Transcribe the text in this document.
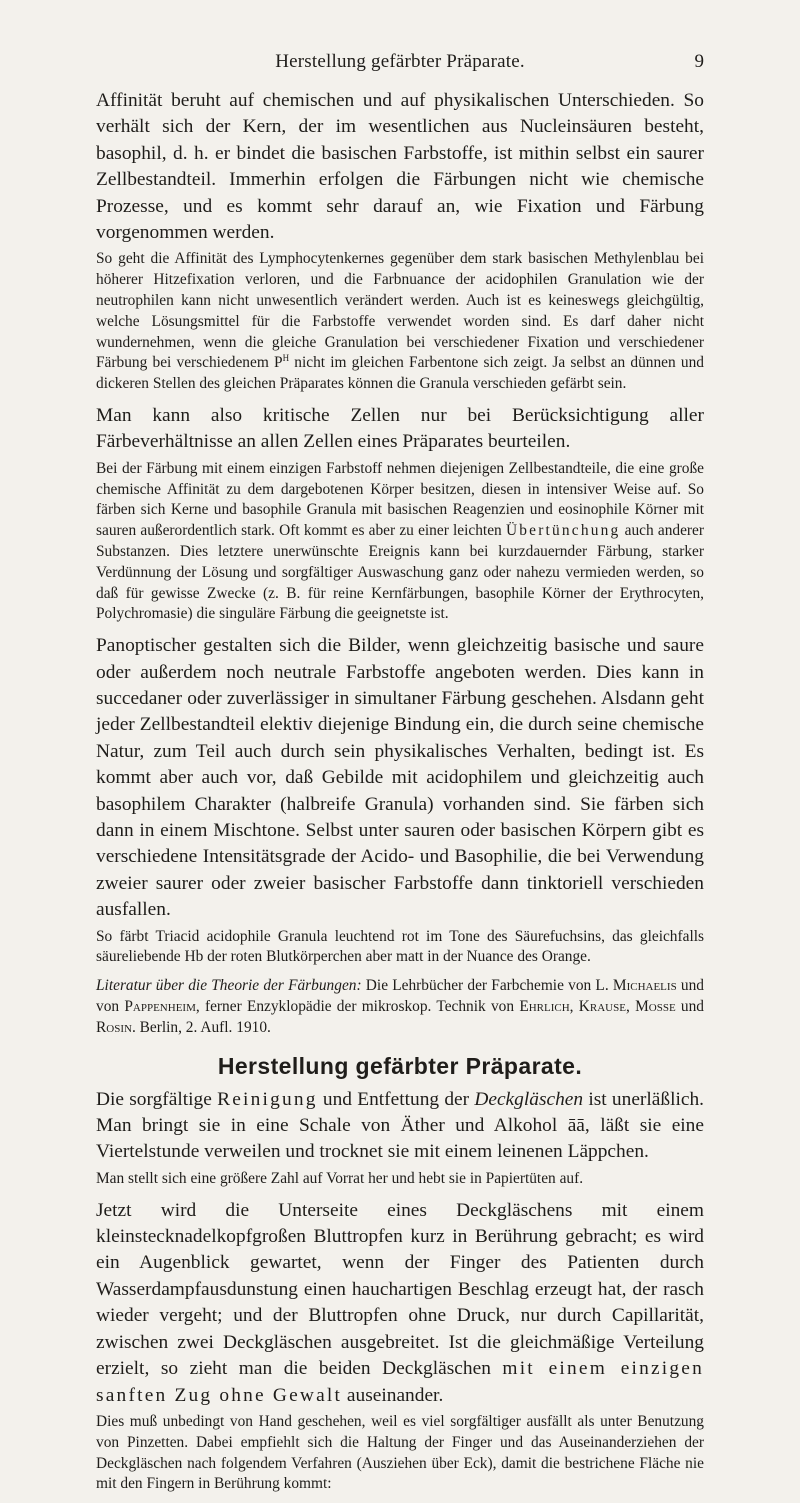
Herstellung gefärbter Präparate.	9

Affinität beruht auf chemischen und auf physikalischen Unterschieden. So verhält sich der Kern, der im wesentlichen aus Nucleinsäuren besteht, basophil, d. h. er bindet die basischen Farbstoffe, ist mithin selbst ein saurer Zellbestandteil. Immerhin erfolgen die Färbungen nicht wie chemische Prozesse, und es kommt sehr darauf an, wie Fixation und Färbung vorgenommen werden.

So geht die Affinität des Lymphocytenkernes gegenüber dem stark basischen Methylenblau bei höherer Hitzefixation verloren, und die Farbnuance der acidophilen Granulation wie der neutrophilen kann nicht unwesentlich verändert werden. Auch ist es keineswegs gleichgültig, welche Lösungsmittel für die Farbstoffe verwendet worden sind. Es darf daher nicht wundernehmen, wenn die gleiche Granulation bei verschiedener Fixation und verschiedener Färbung bei verschiedenem $P^H$ nicht im gleichen Farbentone sich zeigt. Ja selbst an dünnen und dickeren Stellen des gleichen Präparates können die Granula verschieden gefärbt sein.

Man kann also kritische Zellen nur bei Berücksichtigung aller Färbeverhältnisse an allen Zellen eines Präparates beurteilen.

Bei der Färbung mit einem einzigen Farbstoff nehmen diejenigen Zellbestandteile, die eine große chemische Affinität zu dem dargebotenen Körper besitzen, diesen in intensiver Weise auf. So färben sich Kerne und basophile Granula mit basischen Reagenzien und eosinophile Körner mit sauren außerordentlich stark. Oft kommt es aber zu einer leichten Übertünchung auch anderer Substanzen. Dies letztere unerwünschte Ereignis kann bei kurzdauernder Färbung, starker Verdünnung der Lösung und sorgfältiger Auswaschung ganz oder nahezu vermieden werden, so daß für gewisse Zwecke (z. B. für reine Kernfärbungen, basophile Körner der Erythrocyten, Polychromasie) die singuläre Färbung die geeignetste ist.

Panoptischer gestalten sich die Bilder, wenn gleichzeitig basische und saure oder außerdem noch neutrale Farbstoffe angeboten werden. Dies kann in succedaner oder zuverlässiger in simultaner Färbung geschehen. Alsdann geht jeder Zellbestandteil elektiv diejenige Bindung ein, die durch seine chemische Natur, zum Teil auch durch sein physikalisches Verhalten, bedingt ist. Es kommt aber auch vor, daß Gebilde mit acidophilem und gleichzeitig auch basophilem Charakter (halbreife Granula) vorhanden sind. Sie färben sich dann in einem Mischtone. Selbst unter sauren oder basischen Körpern gibt es verschiedene Intensitätsgrade der Acido- und Basophilie, die bei Verwendung zweier saurer oder zweier basischer Farbstoffe dann tinktoriell verschieden ausfallen.

So färbt Triacid acidophile Granula leuchtend rot im Tone des Säurefuchsins, das gleichfalls säureliebende Hb der roten Blutkörperchen aber matt in der Nuance des Orange.

Literatur über die Theorie der Färbungen: Die Lehrbücher der Farbchemie von L. Michaelis und von Pappenheim, ferner Enzyklopädie der mikroskop. Technik von Ehrlich, Krause, Mosse und Rosin. Berlin, 2. Aufl. 1910.

Herstellung gefärbter Präparate.

Die sorgfältige Reinigung und Entfettung der Deckgläschen ist unerläßlich. Man bringt sie in eine Schale von Äther und Alkohol āā, läßt sie eine Viertelstunde verweilen und trocknet sie mit einem leinenen Läppchen.

Man stellt sich eine größere Zahl auf Vorrat her und hebt sie in Papiertüten auf.

Jetzt wird die Unterseite eines Deckgläschens mit einem kleinstecknadelkopfgroßen Bluttropfen kurz in Berührung gebracht; es wird ein Augenblick gewartet, wenn der Finger des Patienten durch Wasserdampfausdunstung einen hauchartigen Beschlag erzeugt hat, der rasch wieder vergeht; und der Bluttropfen ohne Druck, nur durch Capillarität, zwischen zwei Deckgläschen ausgebreitet. Ist die gleichmäßige Verteilung erzielt, so zieht man die beiden Deckgläschen mit einem einzigen sanften Zug ohne Gewalt auseinander.

Dies muß unbedingt von Hand geschehen, weil es viel sorgfältiger ausfällt als unter Benutzung von Pinzetten. Dabei empfiehlt sich die Haltung der Finger und das Auseinanderziehen der Deckgläschen nach folgendem Verfahren (Ausziehen über Eck), damit die bestrichene Fläche nie mit den Fingern in Berührung kommt:
